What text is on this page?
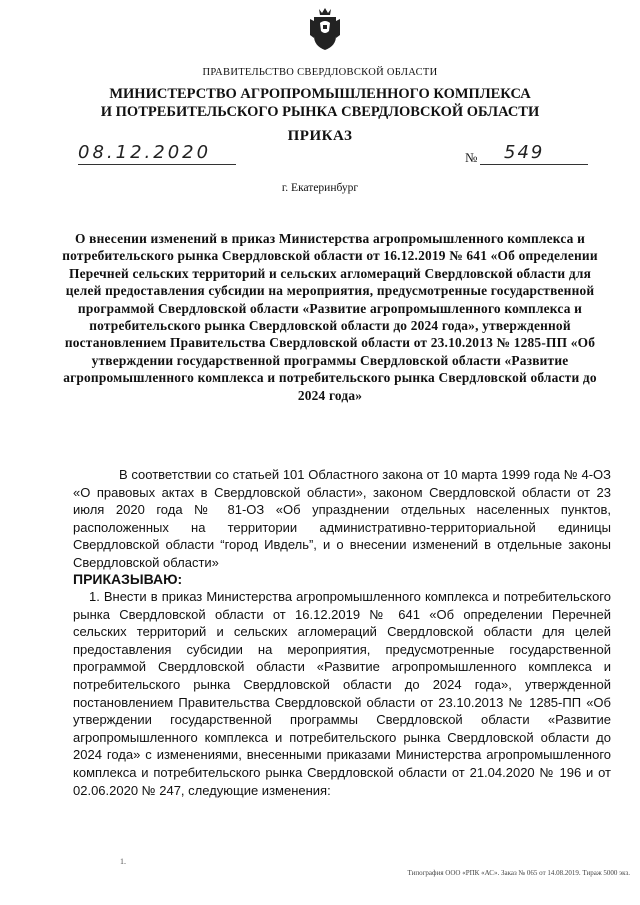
ПРАВИТЕЛЬСТВО СВЕРДЛОВСКОЙ ОБЛАСТИ
МИНИСТЕРСТВО АГРОПРОМЫШЛЕННОГО КОМПЛЕКСА
И ПОТРЕБИТЕЛЬСКОГО РЫНКА СВЕРДЛОВСКОЙ ОБЛАСТИ
ПРИКАЗ
08.12.2020	№	549
г. Екатеринбург

О внесении изменений в приказ Министерства агропромышленного комплекса и потребительского рынка Свердловской области от 16.12.2019 № 641 «Об определении Перечней сельских территорий и сельских агломераций Свердловской области для целей предоставления субсидии на мероприятия, предусмотренные государственной программой Свердловской области «Развитие агропромышленного комплекса и потребительского рынка Свердловской области до 2024 года», утвержденной постановлением Правительства Свердловской области от 23.10.2013 № 1285-ПП «Об утверждении государственной программы Свердловской области «Развитие агропромышленного комплекса и потребительского рынка Свердловской области до 2024 года»

В соответствии со статьей 101 Областного закона от 10 марта 1999 года № 4-ОЗ «О правовых актах в Свердловской области», законом Свердловской области от 23 июля 2020 года № 81-ОЗ «Об упразднении отдельных населенных пунктов, расположенных на территории административно-территориальной единицы Свердловской области “город Ивдель”, и о внесении изменений в отдельные законы Свердловской области»

ПРИКАЗЫВАЮ:

1. Внести в приказ Министерства агропромышленного комплекса и потребительского рынка Свердловской области от 16.12.2019 № 641 «Об определении Перечней сельских территорий и сельских агломераций Свердловской области для целей предоставления субсидии на мероприятия, предусмотренные государственной программой Свердловской области «Развитие агропромышленного комплекса и потребительского рынка Свердловской области до 2024 года», утвержденной постановлением Правительства Свердловской области от 23.10.2013 № 1285-ПП «Об утверждении государственной программы Свердловской области «Развитие агропромышленного комплекса и потребительского рынка Свердловской области до 2024 года» с изменениями, внесенными приказами Министерства агропромышленного комплекса и потребительского рынка Свердловской области от 21.04.2020 № 196 и от 02.06.2020 № 247, следующие изменения:

1.
Типография ООО «РПК «АС». Заказ № 065 от 14.08.2019. Тираж 5000 экз.
